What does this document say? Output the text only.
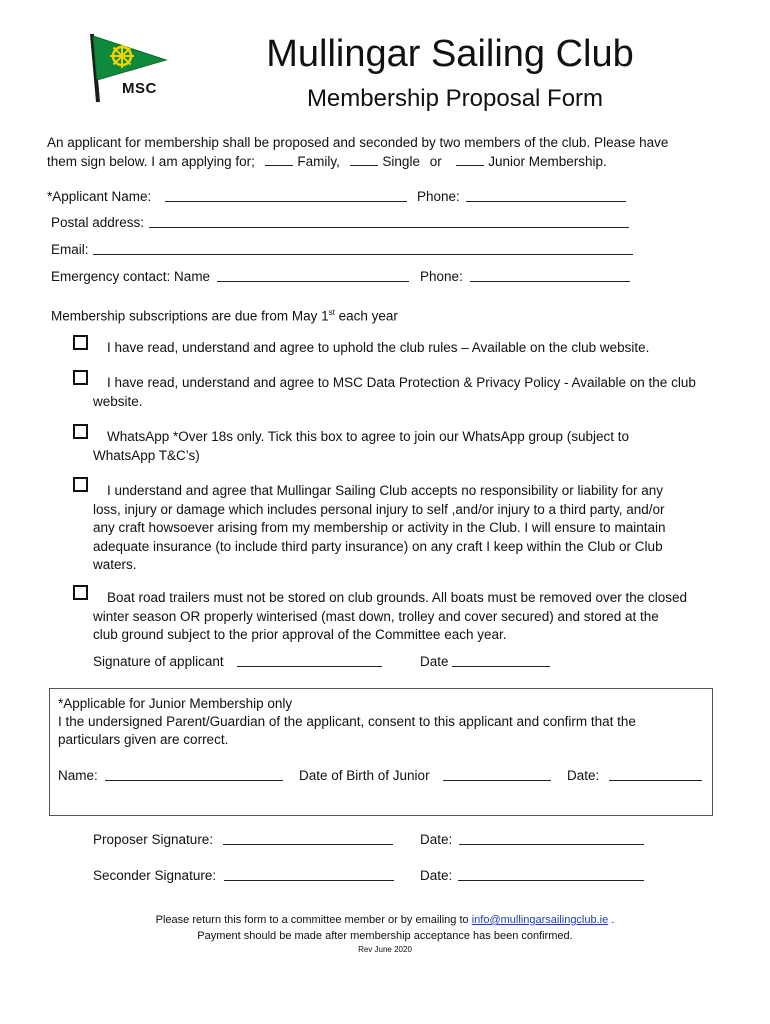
MSC
Mullingar Sailing Club
Membership Proposal Form
An applicant for membership shall be proposed and seconded by two members of the club. Please have
them sign below. I am applying for;	Family,	Single or	Junior Membership.
*Applicant Name:	Phone:
Postal address:
Email:
Emergency contact: Name	Phone:
Membership subscriptions are due from May 1st each year
I have read, understand and agree to uphold the club rules – Available on the club website.
I have read, understand and agree to MSC Data Protection & Privacy Policy - Available on the club
website.
WhatsApp *Over 18s only. Tick this box to agree to join our WhatsApp group (subject to
WhatsApp T&C’s)
I understand and agree that Mullingar Sailing Club accepts no responsibility or liability for any
loss, injury or damage which includes personal injury to self ,and/or injury to a third party, and/or
any craft howsoever arising from my membership or activity in the Club. I will ensure to maintain
adequate insurance (to include third party insurance) on any craft I keep within the Club or Club
waters.
Boat road trailers must not be stored on club grounds. All boats must be removed over the closed
winter season OR properly winterised (mast down, trolley and cover secured) and stored at the
club ground subject to the prior approval of the Committee each year.
Signature of applicant	Date
*Applicable for Junior Membership only
I the undersigned Parent/Guardian of the applicant, consent to this applicant and confirm that the
particulars given are correct.
Name:	Date of Birth of Junior	Date:
Proposer Signature:	Date:
Seconder Signature:	Date:
Please return this form to a committee member or by emailing to info@mullingarsailingclub.ie .
Payment should be made after membership acceptance has been confirmed.
Rev June 2020
